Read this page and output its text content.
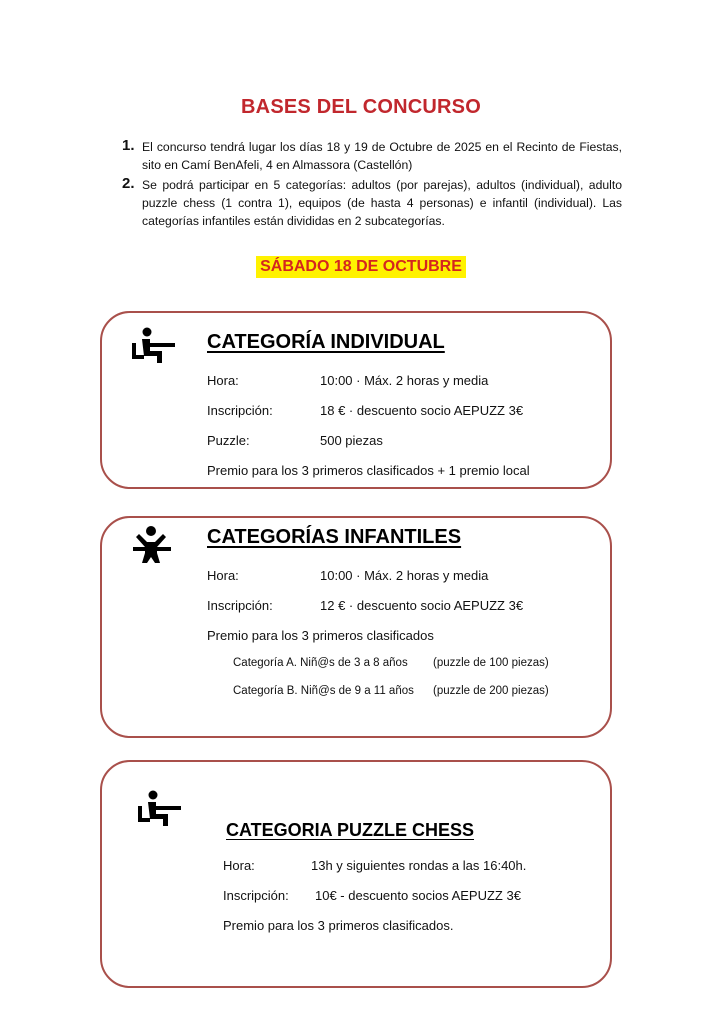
BASES DEL CONCURSO
1. El concurso tendrá lugar los días 18 y 19 de Octubre de 2025 en el Recinto de Fiestas, sito en Camí BenAfeli, 4 en Almassora (Castellón)
2. Se podrá participar en 5 categorías: adultos (por parejas), adultos (individual), adulto puzzle chess (1 contra 1), equipos (de hasta 4 personas) e infantil (individual). Las categorías infantiles están divididas en 2 subcategorías.
SÁBADO 18 DE OCTUBRE
CATEGORÍA INDIVIDUAL
Hora:	10:00 · Máx. 2 horas y media
Inscripción:	18 € · descuento socio AEPUZZ 3€
Puzzle:	500 piezas
Premio para los 3 primeros clasificados + 1 premio local
CATEGORÍAS INFANTILES
Hora:	10:00 · Máx. 2 horas y media
Inscripción:	12 € · descuento socio AEPUZZ 3€
Premio para los 3 primeros clasificados
Categoría A. Niñ@s de 3 a 8 años (puzzle de 100 piezas)
Categoría B. Niñ@s de 9 a 11 años (puzzle de 200 piezas)
CATEGORIA PUZZLE CHESS
Hora:	13h y siguientes rondas a las 16:40h.
Inscripción: 10€ - descuento socios AEPUZZ 3€
Premio para los 3 primeros clasificados.
